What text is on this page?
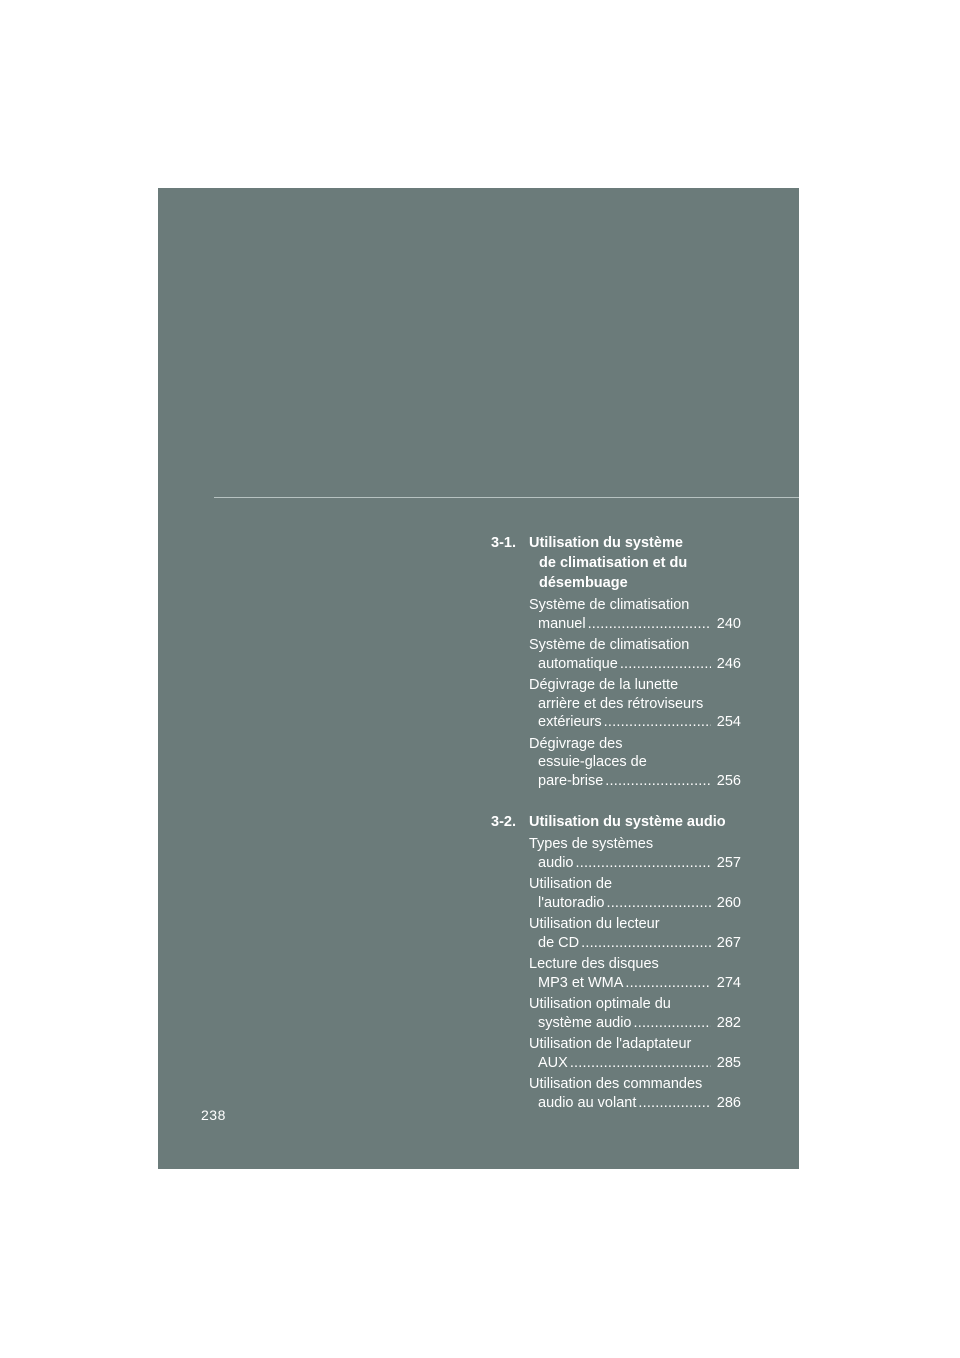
238
3-1. Utilisation du système
de climatisation et du
désembuage
Système de climatisation
manuel .....	240
Système de climatisation
automatique .....	246
Dégivrage de la lunette
arrière et des rétroviseurs
extérieurs .....	254
Dégivrage des
essuie-glaces de
pare-brise .....	256
3-2. Utilisation du système audio
Types de systèmes
audio .....	257
Utilisation de
l'autoradio .....	260
Utilisation du lecteur
de CD .....	267
Lecture des disques
MP3 et WMA .....	274
Utilisation optimale du
système audio .....	282
Utilisation de l'adaptateur
AUX .....	285
Utilisation des commandes
audio au volant .....	286
